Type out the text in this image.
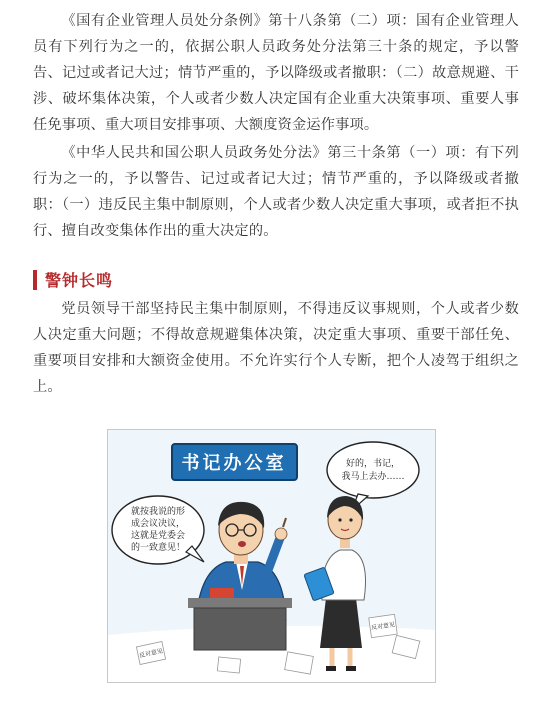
《国有企业管理人员处分条例》第十八条第（二）项：国有企业管理人员有下列行为之一的，依据公职人员政务处分法第三十条的规定，予以警告、记过或者记大过；情节严重的，予以降级或者撤职：（二）故意规避、干涉、破坏集体决策，个人或者少数人决定国有企业重大决策事项、重要人事任免事项、重大项目安排事项、大额度资金运作事项。

《中华人民共和国公职人员政务处分法》第三十条第（一）项：有下列行为之一的，予以警告、记过或者记大过；情节严重的，予以降级或者撤职：（一）违反民主集中制原则，个人或者少数人决定重大事项，或者拒不执行、擅自改变集体作出的重大决定的。

警钟长鸣

党员领导干部坚持民主集中制原则，不得违反议事规则，个人或者少数人决定重大问题；不得故意规避集体决策，决定重大事项、重要干部任免、重要项目安排和大额资金使用。不允许实行个人专断，把个人凌驾于组织之上。

书记办公室
就按我说的形
成会议决议，
这就是党委会
的一致意见！
好的，书记，
我马上去办……
反对意见
反对意见
